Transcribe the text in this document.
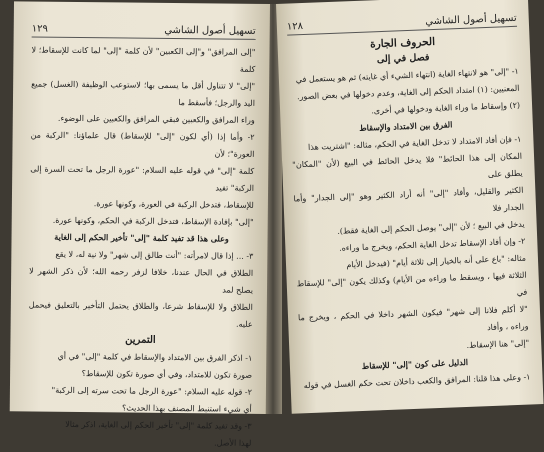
١٢٩	تسهيل أصول الشاشي

"إلى المرافق" و"إلى الكعبين" لأن كلمة "إلى" لما كانت للإسقاط؛ لا كلمة

"إلى" لا تتناول أقل ما يسمى بها؛ لاستوعب الوظيفة (الغسل) جميع اليد والرجل؛ فأسقط ما

وراء المرافق والكعبين فبقي المرافق والكعبين على الوضوء.

٢- وأما إذا (أي لكون "إلى" للإسقاط) قال علماؤنا: "الركبة من العورة"؛ لأن

كلمة "إلى" في قوله عليه السلام: "عورة الرجل ما تحت السرة إلى الركبة" تفيد

للإسقاط، فتدخل الركبة في العورة، وكونها عورة.

"إلى" بإفادة الإسقاط، فتدخل الركبة في الحكم، وكونها عورة.

وعلى هذا قد تفيد كلمة "إلى" تأخير الحكم إلى الغاية

٣- ... إذا قال لامرأته: "أنت طالق إلى شهر" ولا نية له، لا يقع

الطلاق في الحال عندنا، خلافا لزفر رحمه الله؛ لأن ذكر الشهر لا يصلح لمد

الطلاق ولا للإسقاط شرعا، والطلاق يحتمل التأخير بالتعليق فيحمل عليه.

التمرين

١- اذكر الفرق بين الامتداد والإسقاط في كلمة "إلى" في أي

صورة تكون للامتداد، وفي أي صورة تكون للإسقاط؟

٢- قوله عليه السلام: "عورة الرجل ما تحت سرته إلى الركبة"

أي شيء استنبط المصنف بهذا الحديث؟

٣- وقد تفيد كلمة "إلى" تأخير الحكم إلى الغاية، اذكر مثالا

لهذا الأصل.

١٢٨	تسهيل أصول الشاشي

الحروف الجارة

فصل في إلى

١- "إلى" هو لانتهاء الغاية (انتهاء الشيء أي غايته) ثم هو يستعمل في

المعنيين: (١) امتداد الحكم إلى الغاية، وعدم دخولها في بعض الصور.

(٢) وإسقاط ما وراء الغاية ودخولها في أخرى.

الفرق بين الامتداد والإسقاط

١- فإن أفاد الامتداد لا تدخل الغاية في الحكم، مثاله: "اشتريت هذا

المكان إلى هذا الحائط" فلا يدخل الحائط في البيع (لأن "المكان" يطلق على

الكثير والقليل، وأفاد "إلى" أنه أراد الكثير وهو "إلى الجدار" وأما الجدار فلا

يدخل في البيع ؛ لأن "إلى" يوصل الحكم إلى الغاية فقط).

٢- وإن أفاد الإسقاط تدخل الغاية الحكم، ويخرج ما وراءه.

مثاله: "باع على أنه بالخيار إلى ثلاثة أيام" (فيدخل الأيام

الثلاثة فيها ، ويسقط ما وراءه من الأيام) وكذلك يكون "إلى" للإسقاط في

"لا أكلم فلانا إلى شهر" فيكون الشهر داخلا في الحكم ، ويخرج ما وراءه ، وأفاد

"إلى" هنا الإسقاط.

الدليل على كون "إلى" للإسقاط

١- وعلى هذا قلنا: المرافق والكعب داخلان تحت حكم الغسل في قوله
